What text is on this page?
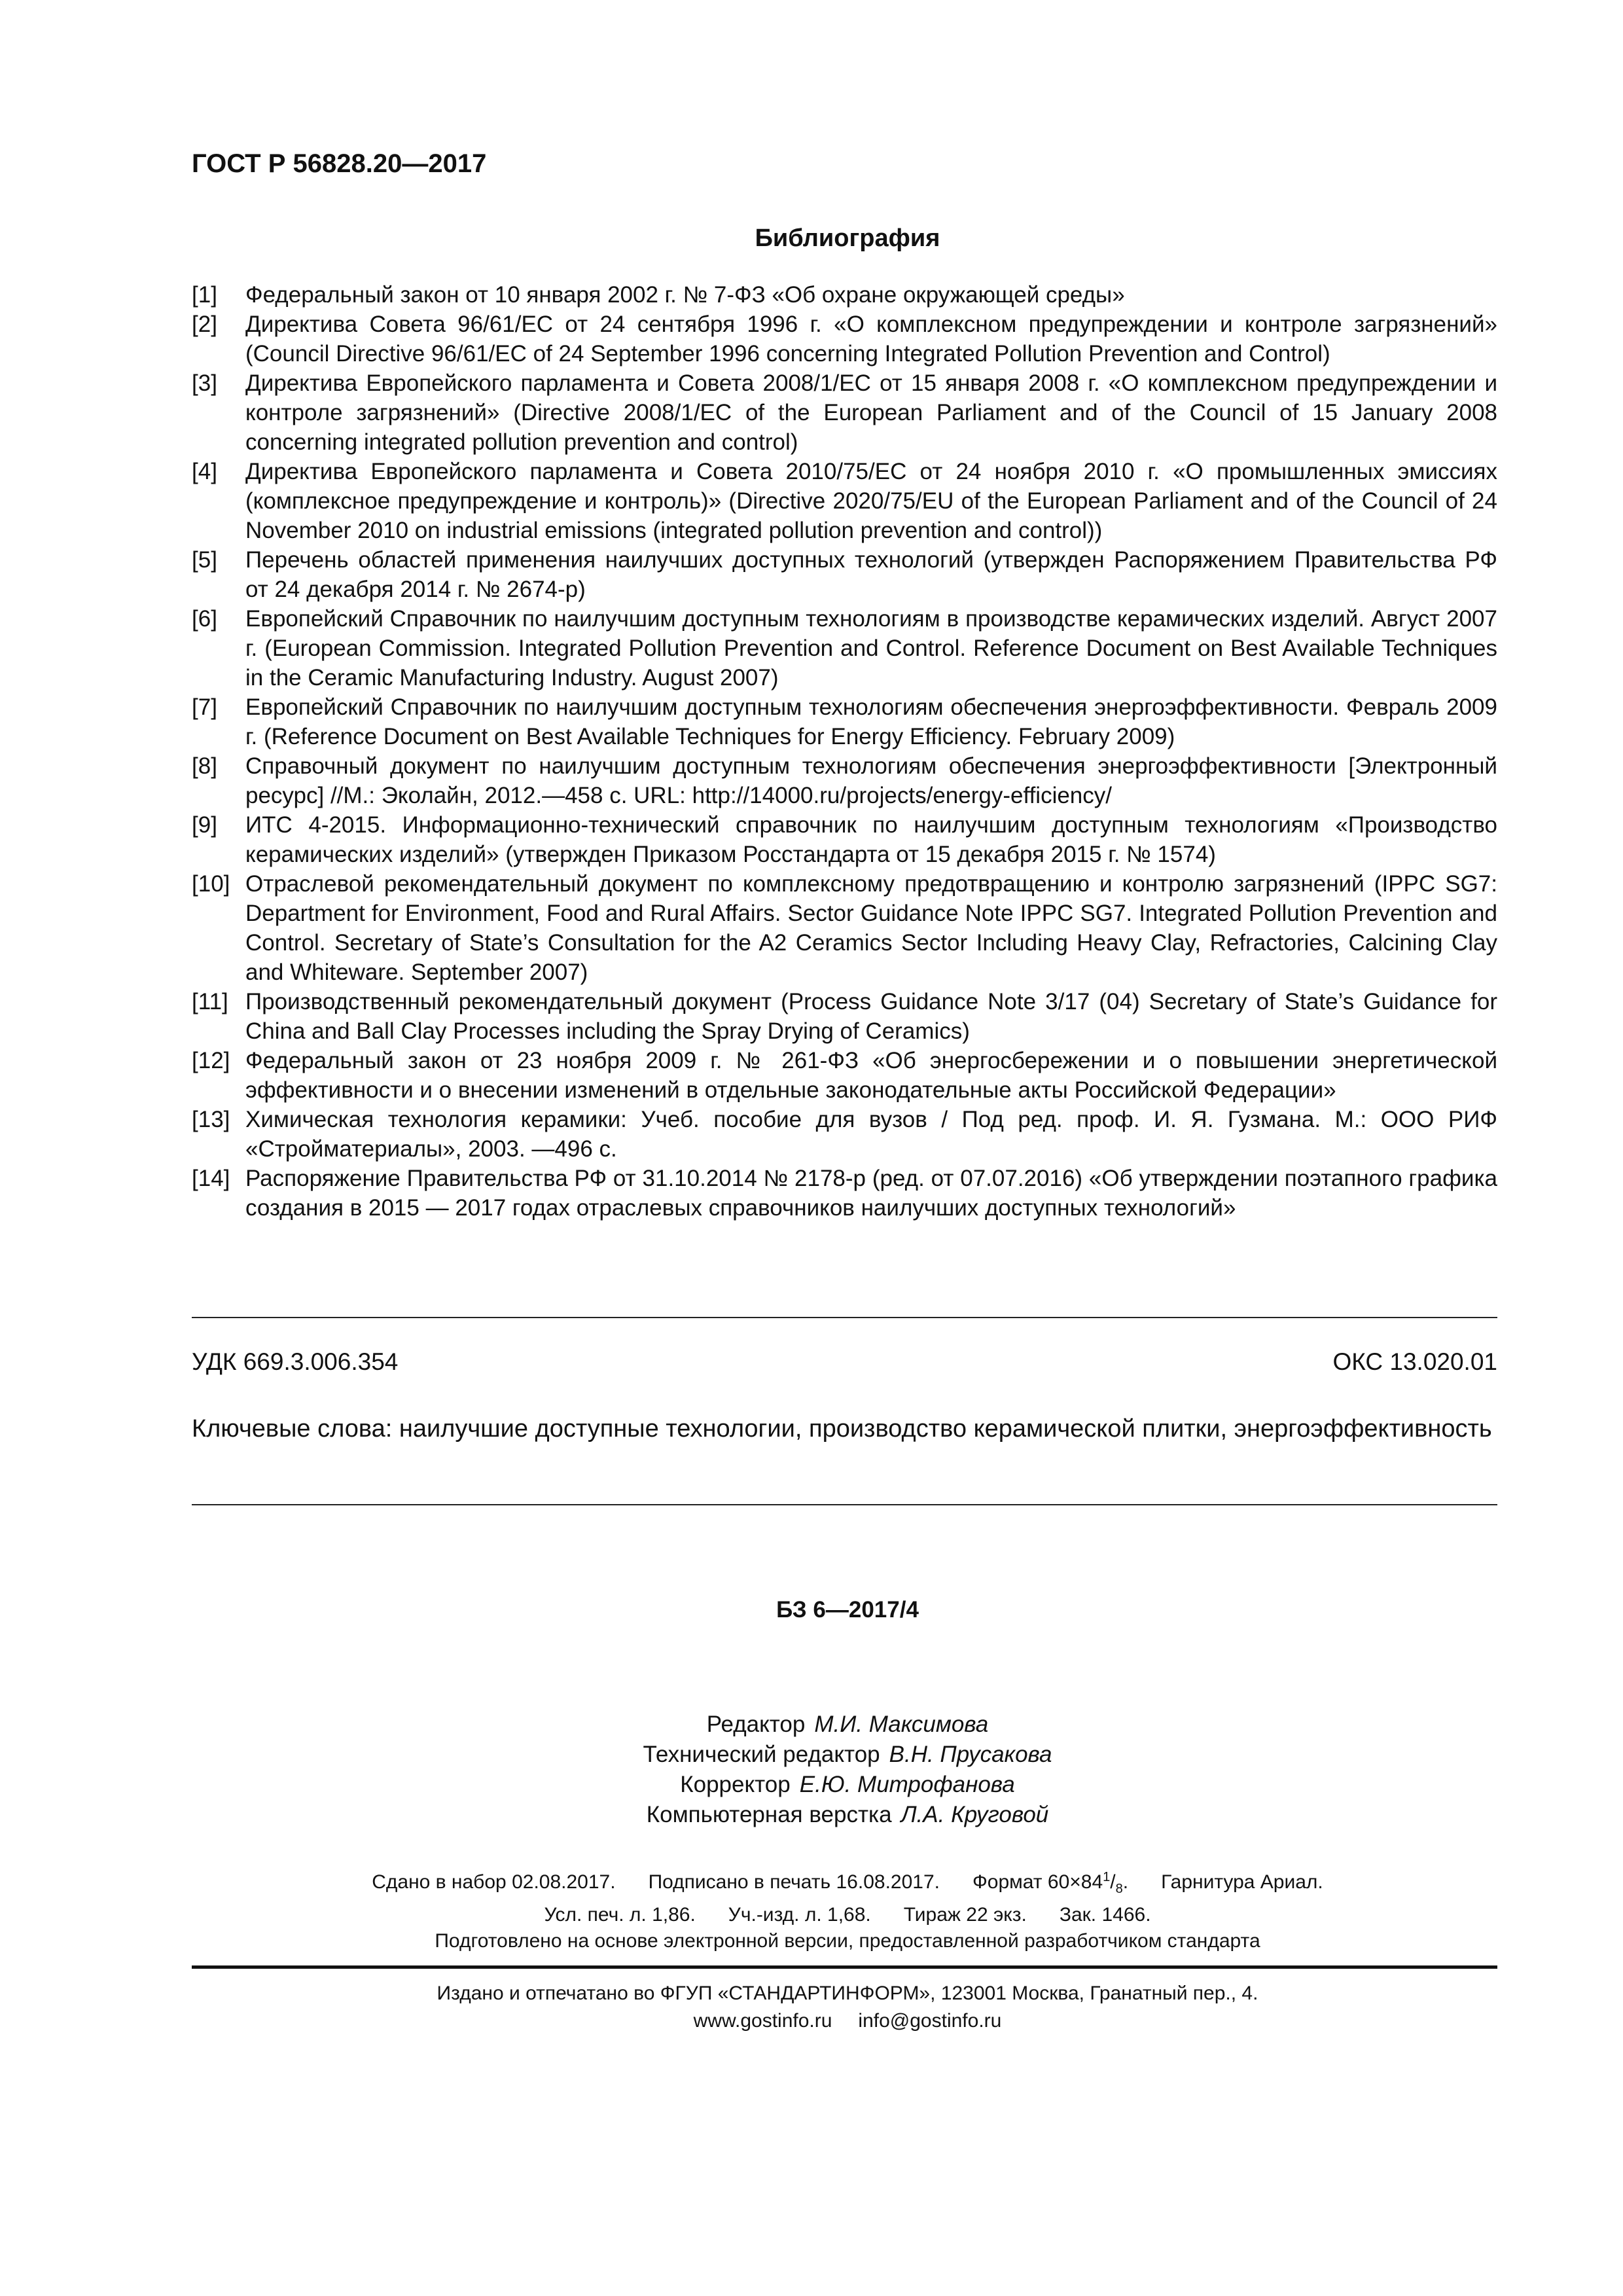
ГОСТ Р 56828.20—2017
Библиография
[1] Федеральный закон от 10 января 2002 г. № 7-ФЗ «Об охране окружающей среды»
[2] Директива Совета 96/61/ЕС от 24 сентября 1996 г. «О комплексном предупреждении и контроле загрязнений» (Council Directive 96/61/EC of 24 September 1996 concerning Integrated Pollution Prevention and Control)
[3] Директива Европейского парламента и Совета 2008/1/ЕС от 15 января 2008 г. «О комплексном предупреждении и контроле загрязнений» (Directive 2008/1/EC of the European Parliament and of the Council of 15 January 2008 concerning integrated pollution prevention and control)
[4] Директива Европейского парламента и Совета 2010/75/ЕС от 24 ноября 2010 г. «О промышленных эмиссиях (комплексное предупреждение и контроль)» (Directive 2020/75/EU of the European Parliament and of the Council of 24 November 2010 on industrial emissions (integrated pollution prevention and control))
[5] Перечень областей применения наилучших доступных технологий (утвержден Распоряжением Правительства РФ от 24 декабря 2014 г. № 2674-р)
[6] Европейский Справочник по наилучшим доступным технологиям в производстве керамических изделий. Август 2007 г. (European Commission. Integrated Pollution Prevention and Control. Reference Document on Best Available Techniques in the Ceramic Manufacturing Industry. August 2007)
[7] Европейский Справочник по наилучшим доступным технологиям обеспечения энергоэффективности. Февраль 2009 г. (Reference Document on Best Available Techniques for Energy Efficiency. February 2009)
[8] Справочный документ по наилучшим доступным технологиям обеспечения энергоэффективности [Электронный ресурс] //М.: Эколайн, 2012.—458 с. URL: http://14000.ru/projects/energy-efficiency/
[9] ИТС 4-2015. Информационно-технический справочник по наилучшим доступным технологиям «Производство керамических изделий» (утвержден Приказом Росстандарта от 15 декабря 2015 г. № 1574)
[10] Отраслевой рекомендательный документ по комплексному предотвращению и контролю загрязнений (IPPC SG7: Department for Environment, Food and Rural Affairs. Sector Guidance Note IPPC SG7. Integrated Pollution Prevention and Control. Secretary of State’s Consultation for the A2 Ceramics Sector Including Heavy Clay, Refractories, Calcining Clay and Whiteware. September 2007)
[11] Производственный рекомендательный документ (Process Guidance Note 3/17 (04) Secretary of State’s Guidance for China and Ball Clay Processes including the Spray Drying of Ceramics)
[12] Федеральный закон от 23 ноября 2009 г. № 261-ФЗ «Об энергосбережении и о повышении энергетической эффективности и о внесении изменений в отдельные законодательные акты Российской Федерации»
[13] Химическая технология керамики: Учеб. пособие для вузов / Под ред. проф. И. Я. Гузмана. М.: ООО РИФ «Стройматериалы», 2003. —496 с.
[14] Распоряжение Правительства РФ от 31.10.2014 № 2178-р (ред. от 07.07.2016) «Об утверждении поэтапного графика создания в 2015 — 2017 годах отраслевых справочников наилучших доступных технологий»
УДК 669.3.006.354	ОКС 13.020.01
Ключевые слова: наилучшие доступные технологии, производство керамической плитки, энергоэффективность
БЗ 6—2017/4
Редактор М.И. Максимова
Технический редактор В.Н. Прусакова
Корректор Е.Ю. Митрофанова
Компьютерная верстка Л.А. Круговой
Сдано в набор 02.08.2017. Подписано в печать 16.08.2017. Формат $60\times 84^1/_8$. Гарнитура Ариал.
Усл. печ. л. 1,86. Уч.-изд. л. 1,68. Тираж 22 экз. Зак. 1466.
Подготовлено на основе электронной версии, предоставленной разработчиком стандарта
Издано и отпечатано во ФГУП «СТАНДАРТИНФОРМ», 123001 Москва, Гранатный пер., 4.
www.gostinfo.ru info@gostinfo.ru
